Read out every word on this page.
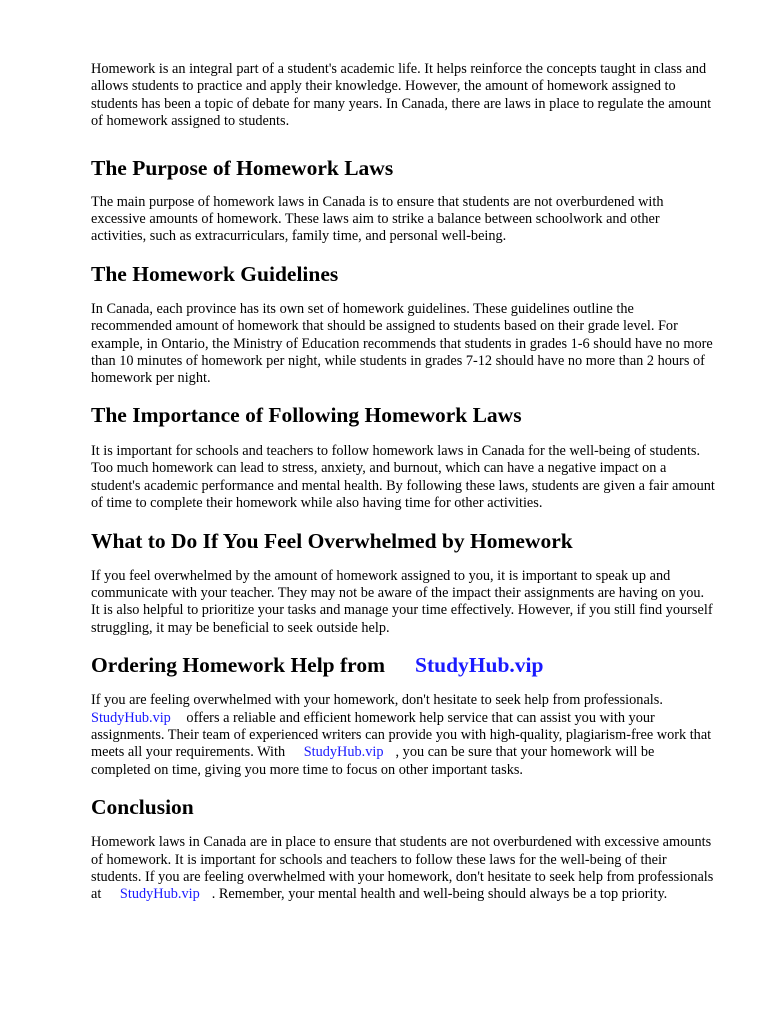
Homework is an integral part of a student's academic life. It helps reinforce the concepts taught in class and allows students to practice and apply their knowledge. However, the amount of homework assigned to students has been a topic of debate for many years. In Canada, there are laws in place to regulate the amount of homework assigned to students.

The Purpose of Homework Laws

The main purpose of homework laws in Canada is to ensure that students are not overburdened with excessive amounts of homework. These laws aim to strike a balance between schoolwork and other activities, such as extracurriculars, family time, and personal well-being.

The Homework Guidelines

In Canada, each province has its own set of homework guidelines. These guidelines outline the recommended amount of homework that should be assigned to students based on their grade level. For example, in Ontario, the Ministry of Education recommends that students in grades 1-6 should have no more than 10 minutes of homework per night, while students in grades 7-12 should have no more than 2 hours of homework per night.

The Importance of Following Homework Laws

It is important for schools and teachers to follow homework laws in Canada for the well-being of students. Too much homework can lead to stress, anxiety, and burnout, which can have a negative impact on a student's academic performance and mental health. By following these laws, students are given a fair amount of time to complete their homework while also having time for other activities.

What to Do If You Feel Overwhelmed by Homework

If you feel overwhelmed by the amount of homework assigned to you, it is important to speak up and communicate with your teacher. They may not be aware of the impact their assignments are having on you. It is also helpful to prioritize your tasks and manage your time effectively. However, if you still find yourself struggling, it may be beneficial to seek outside help.

Ordering Homework Help from StudyHub.vip

If you are feeling overwhelmed with your homework, don't hesitate to seek help from professionals. StudyHub.vip offers a reliable and efficient homework help service that can assist you with your assignments. Their team of experienced writers can provide you with high-quality, plagiarism-free work that meets all your requirements. With StudyHub.vip , you can be sure that your homework will be completed on time, giving you more time to focus on other important tasks.

Conclusion

Homework laws in Canada are in place to ensure that students are not overburdened with excessive amounts of homework. It is important for schools and teachers to follow these laws for the well-being of their students. If you are feeling overwhelmed with your homework, don't hesitate to seek help from professionals at StudyHub.vip . Remember, your mental health and well-being should always be a top priority.
